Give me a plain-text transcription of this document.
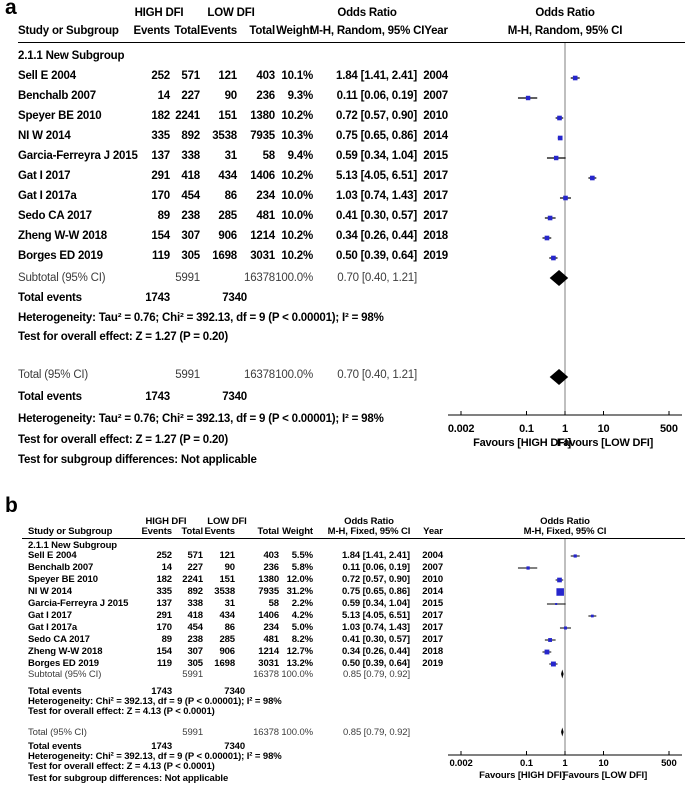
a	HIGH DFI LOW DFI	Odds Ratio	Odds Ratio
Study or Subgroup Events Total Events Total Weight
M-H, Random, 95% CI Year	M-H, Random, 95% CI
2.1.1 New Subgroup
Sell E 2004	252 571 121 403 10.1% 1.84 [1.41, 2.41] 2004
Benchalb 2007	14 227 90 236 9.3% 0.11 [0.06, 0.19] 2007
Speyer BE 2010	182 2241 151 1380 10.2% 0.72 [0.57, 0.90] 2010
NI W 2014	335 892 3538 7935 10.3% 0.75 [0.65, 0.86] 2014
Garcia-Ferreyra J 2015 137 338 31 58 9.4% 0.59 [0.34, 1.04] 2015
Gat I 2017	291 418 434 1406 10.2% 5.13 [4.05, 6.51] 2017
Gat I 2017a	170 454 86 234 10.0% 1.03 [0.74, 1.43] 2017
Sedo CA 2017	89 238 285 481 10.0% 0.41 [0.30, 0.57] 2017
Zheng W-W 2018	154 307 906 1214 10.2% 0.34 [0.26, 0.44] 2018
Borges ED 2019	119 305 1698 3031 10.2% 0.50 [0.39, 0.64] 2019
Subtotal (95% CI)	5991	16378 100.0% 0.70 [0.40, 1.21]
Total events	1743	7340
Heterogeneity: Tau² = 0.76; Chi² = 392.13, df = 9 (P < 0.00001); I² = 98%
Test for overall effect: Z = 1.27 (P = 0.20)
Total (95% CI)	5991	16378 100.0% 0.70 [0.40, 1.21]
Total events	1743	7340
Heterogeneity: Tau² = 0.76; Chi² = 392.13, df = 9 (P < 0.00001); I² = 98%
Test for overall effect: Z = 1.27 (P = 0.20)
Test for subgroup differences: Not applicable
0.002	0.1	1	10	500
Favours [HIGH DFI]
Favours [LOW DFI]
b
HIGH DFI LOW DFI	Odds Ratio	Odds Ratio
Study or Subgroup	Events Total Events Total Weight M-H, Fixed, 95% CI Year	M-H, Fixed, 95% CI
2.1.1 New Subgroup
Sell E 2004	252 571 121	403 5.5%	1.84 [1.41, 2.41] 2004
Benchalb 2007	14 227 90	236 5.8%	0.11 [0.06, 0.19] 2007
Speyer BE 2010	182 2241 151 1380 12.0%	0.72 [0.57, 0.90] 2010
NI W 2014	335 892 3538 7935 31.2%	0.75 [0.65, 0.86] 2014
Garcia-Ferreyra J 2015	137 338 31	58 2.2%	0.59 [0.34, 1.04] 2015
Gat I 2017	291 418 434 1406 4.2%	5.13 [4.05, 6.51] 2017
Gat I 2017a	170 454 86	234 5.0%	1.03 [0.74, 1.43] 2017
Sedo CA 2017	89 238 285	481 8.2%	0.41 [0.30, 0.57] 2017
Zheng W-W 2018	154 307 906 1214 12.7%	0.34 [0.26, 0.44] 2018
Borges ED 2019	119 305 1698 3031 13.2%	0.50 [0.39, 0.64] 2019
Subtotal (95% CI)	5991	16378 100.0%	0.85 [0.79, 0.92]
Total events	1743	7340
Heterogeneity: Chi² = 392.13, df = 9 (P < 0.00001); I² = 98%
Test for overall effect: Z = 4.13 (P < 0.0001)
Total (95% CI)	5991	16378 100.0%	0.85 [0.79, 0.92]
Total events	1743	7340
Heterogeneity: Chi² = 392.13, df = 9 (P < 0.00001); I² = 98%
Test for overall effect: Z = 4.13 (P < 0.0001)
Test for subgroup differences: Not applicable
0.002	0.1	1	10	500
Favours [HIGH DFI]
Favours [LOW DFI]
